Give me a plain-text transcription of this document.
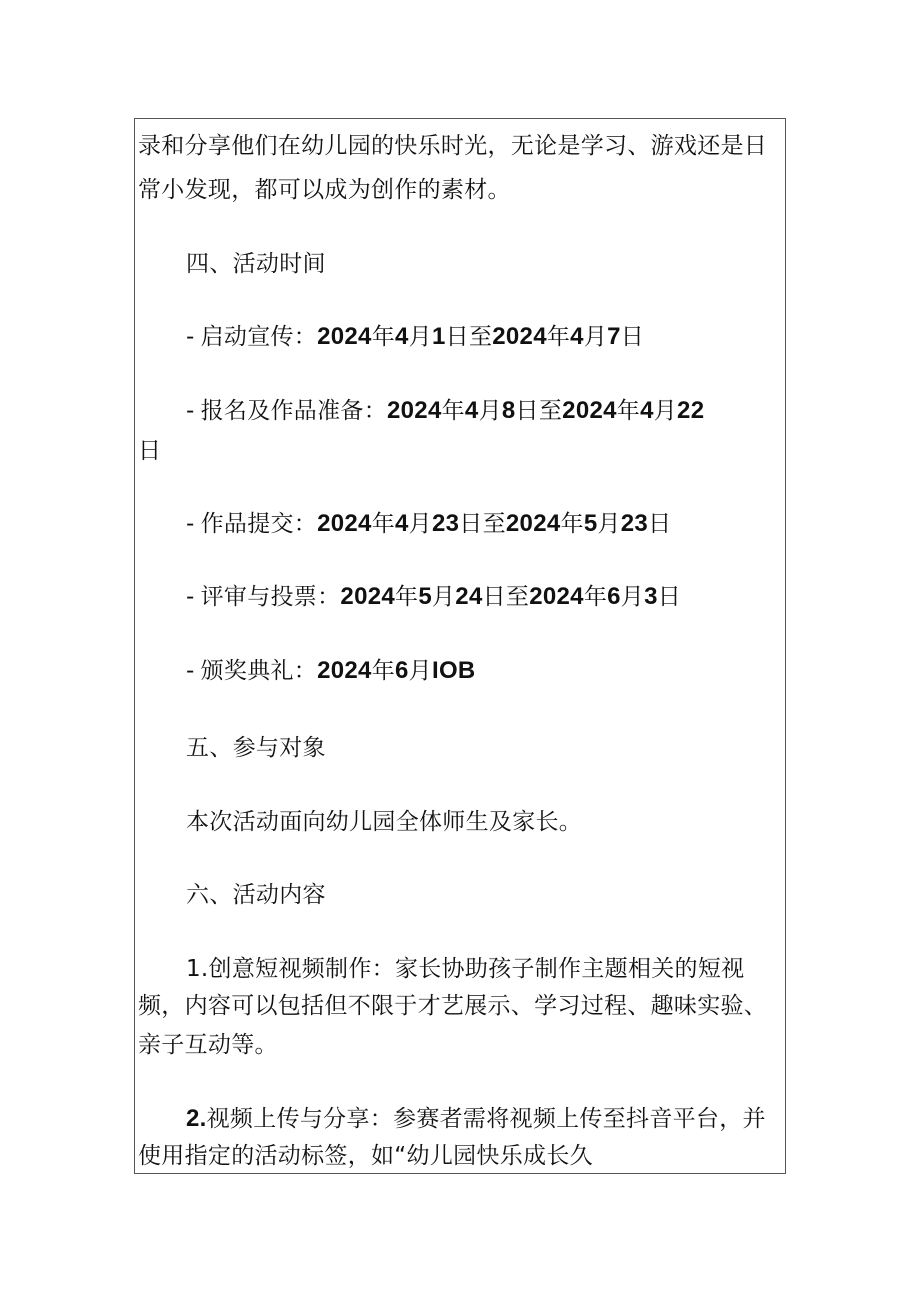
录和分享他们在幼儿园的快乐时光，无论是学习、游戏还是日
常小发现，都可以成为创作的素材。
四、活动时间
- 启动宣传：2024年4月1日至2024年4月7日
- 报名及作品准备：2024年4月8日至2024年4月22
日
- 作品提交：2024年4月23日至2024年5月23日
- 评审与投票：2024年5月24日至2024年6月3日
- 颁奖典礼：2024年6月IOB
五、参与对象
本次活动面向幼儿园全体师生及家长。
六、活动内容
1.创意短视频制作：家长协助孩子制作主题相关的短视
频，内容可以包括但不限于才艺展示、学习过程、趣味实验、
亲子互动等。
2.视频上传与分享：参赛者需将视频上传至抖音平台，并
使用指定的活动标签，如“幼儿园快乐成长久
